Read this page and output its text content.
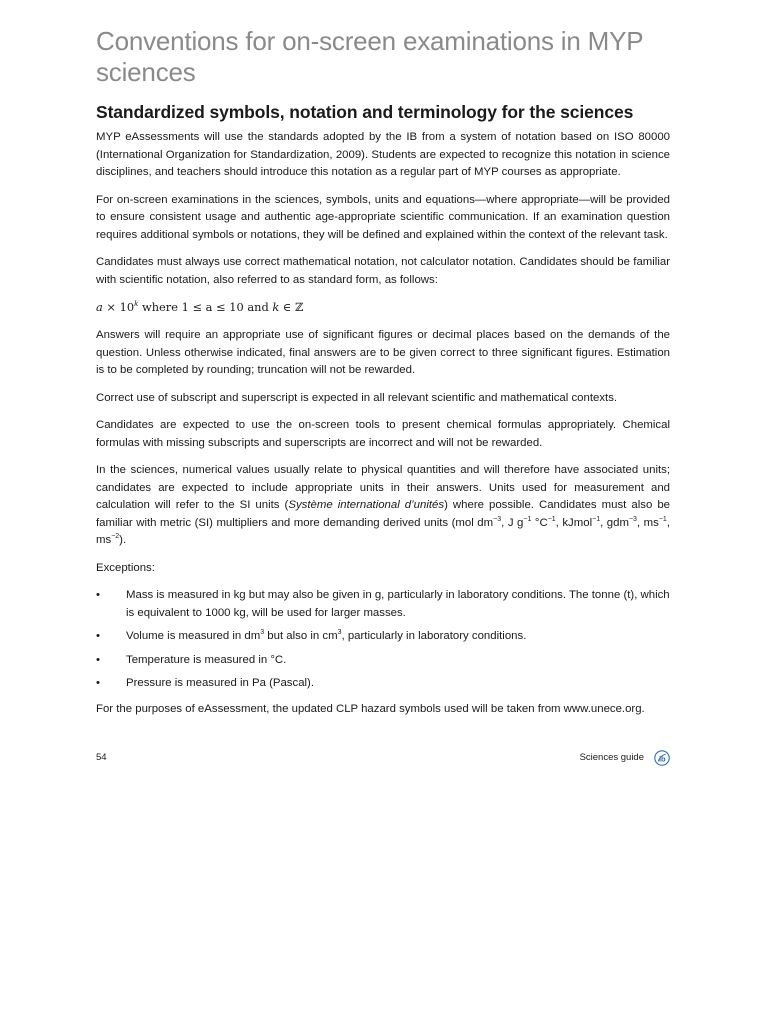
Conventions for on-screen examinations in MYP sciences
Standardized symbols, notation and terminology for the sciences

MYP eAssessments will use the standards adopted by the IB from a system of notation based on ISO 80000 (International Organization for Standardization, 2009). Students are expected to recognize this notation in science disciplines, and teachers should introduce this notation as a regular part of MYP courses as appropriate.

For on-screen examinations in the sciences, symbols, units and equations—where appropriate—will be provided to ensure consistent usage and authentic age-appropriate scientific communication. If an examination question requires additional symbols or notations, they will be defined and explained within the context of the relevant task.

Candidates must always use correct mathematical notation, not calculator notation. Candidates should be familiar with scientific notation, also referred to as standard form, as follows:

$a \times 10^k$ where 1 ≤ a ≤ 10 and k ∈ ℤ

Answers will require an appropriate use of significant figures or decimal places based on the demands of the question. Unless otherwise indicated, final answers are to be given correct to three significant figures. Estimation is to be completed by rounding; truncation will not be rewarded.

Correct use of subscript and superscript is expected in all relevant scientific and mathematical contexts.

Candidates are expected to use the on-screen tools to present chemical formulas appropriately. Chemical formulas with missing subscripts and superscripts are incorrect and will not be rewarded.

In the sciences, numerical values usually relate to physical quantities and will therefore have associated units; candidates are expected to include appropriate units in their answers. Units used for measurement and calculation will refer to the SI units (Système international d’unités) where possible. Candidates must also be familiar with metric (SI) multipliers and more demanding derived units (mol $dm^{-3}$, J $g^{-1}$ $^\circ C^{-1}$, kJmol$^{-1}$, gdm$^{-3}$, $ms^{-1}$, $ms^{-2}$).

Exceptions:

• Mass is measured in kg but may also be given in g, particularly in laboratory conditions. The tonne (t), which is equivalent to 1000 kg, will be used for larger masses.
• Volume is measured in $dm^3$ but also in $cm^3$, particularly in laboratory conditions.
• Temperature is measured in °C.
• Pressure is measured in Pa (Pascal).

For the purposes of eAssessment, the updated CLP hazard symbols used will be taken from www.unece.org.

54	Sciences guide ib
